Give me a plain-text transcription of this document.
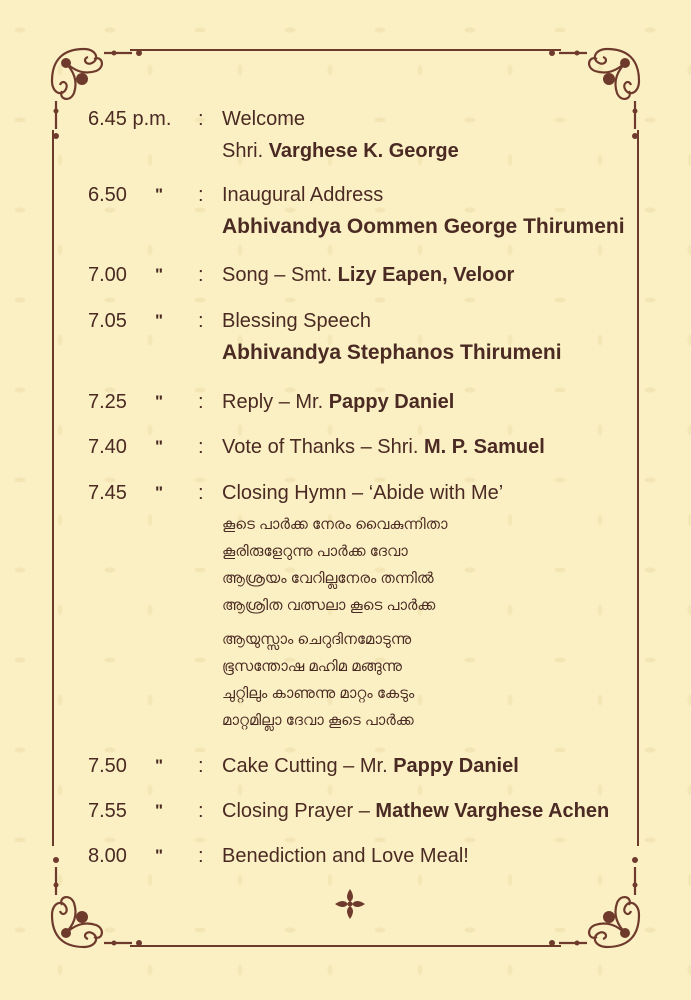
6.45 p.m. : Welcome
Shri. Varghese K. George
6.50 " : Inaugural Address
Abhivandya Oommen George Thirumeni
7.00 " : Song – Smt. Lizy Eapen, Veloor
7.05 " : Blessing Speech
Abhivandya Stephanos Thirumeni
7.25 " : Reply – Mr. Pappy Daniel
7.40 " : Vote of Thanks – Shri. M. P. Samuel
7.45 " : Closing Hymn – ‘Abide with Me’
കൂടെ പാർക്ക നേരം വൈകുന്നിതാ
കൂരിരുളേറുന്നു പാർക്ക ദേവാ
ആശ്രയം വേറില്ലനേരം തന്നിൽ
ആശ്രിത വത്സലാ കൂടെ പാർക്ക
ആയുസ്സാം ചെറുദിനമോടുന്നു
ഭൂസന്തോഷ മഹിമ മങ്ങുന്നു
ചുറ്റിലും കാണുന്നു മാറ്റം കേടും
മാറ്റമില്ലാ ദേവാ കൂടെ പാർക്ക
7.50 " : Cake Cutting – Mr. Pappy Daniel
7.55 " : Closing Prayer – Mathew Varghese Achen
8.00 " : Benediction and Love Meal!
